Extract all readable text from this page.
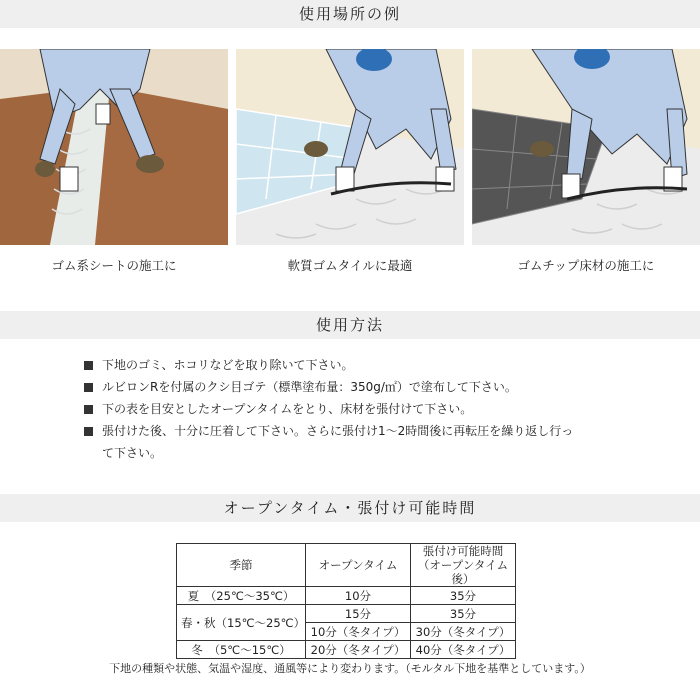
使用場所の例
ゴム系シートの施工に	軟質ゴムタイルに最適	ゴムチップ床材の施工に
使用方法
下地のゴミ、ホコリなどを取り除いて下さい。
ルビロンRを付属のクシ目ゴテ（標準塗布量：350g/㎡）で塗布して下さい。
下の表を目安としたオープンタイムをとり、床材を張付けて下さい。
張付けた後、十分に圧着して下さい。さらに張付け1〜2時間後に再転圧を繰り返し行っ
て下さい。
オープンタイム・張付け可能時間
季節	オープンタイム	張付け可能時間
（オープンタイム後）
夏　（25℃〜35℃）	10分	35分
春・秋（15℃〜25℃）	15分	35分
	10分（冬タイプ）	30分（冬タイプ）
冬　（5℃〜15℃）	20分（冬タイプ）	40分（冬タイプ）
下地の種類や状態、気温や湿度、通風等により変わります。（モルタル下地を基準としています。）
